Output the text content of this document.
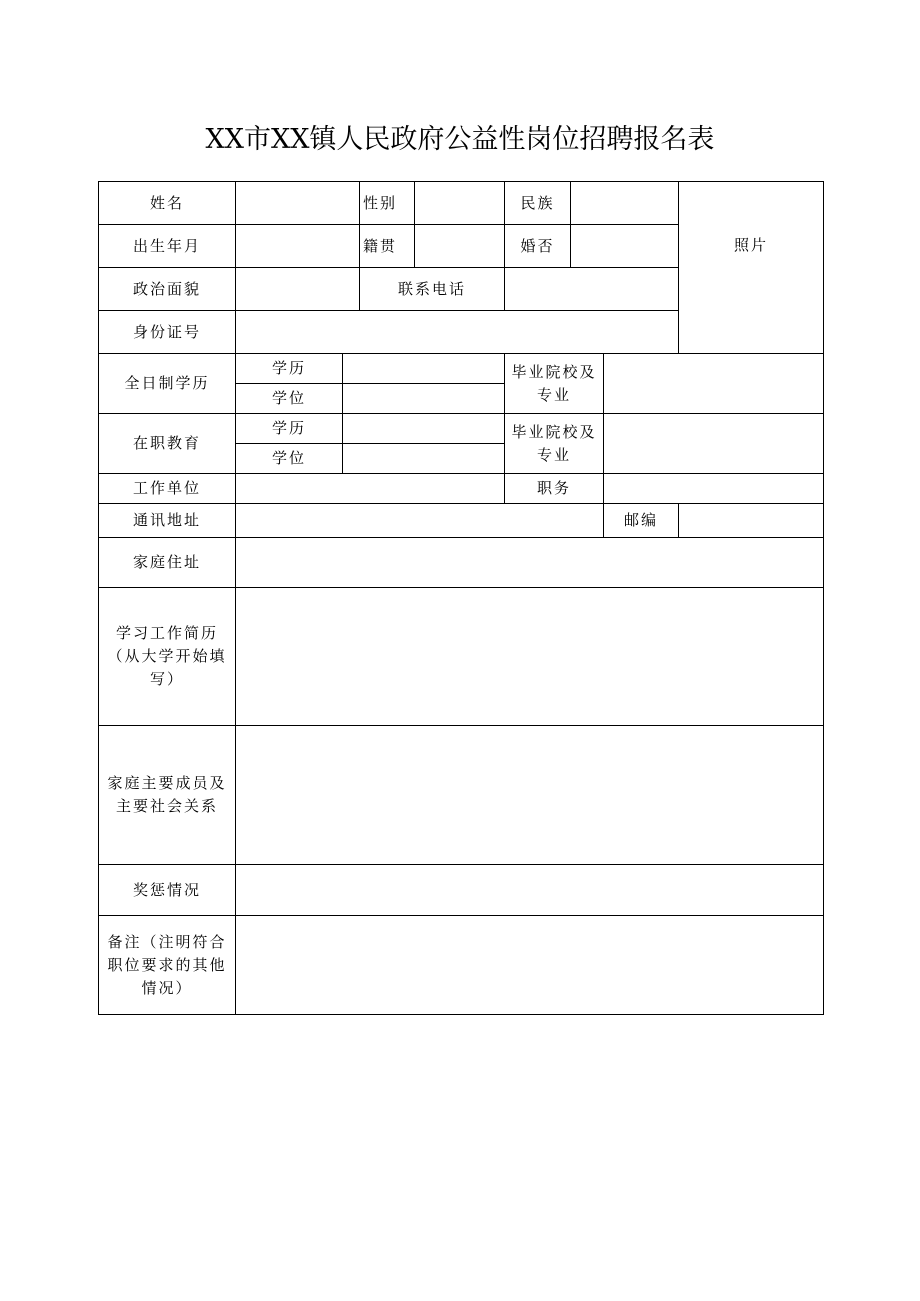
XX市XX镇人民政府公益性岗位招聘报名表
姓名			性别		民族			照片
出生年月			籍贯		婚否			
政治面貌			联系电话					
身份证号								
全日制学历	学历				毕业院校及专业			
	学位							
在职教育	学历				毕业院校及专业			
	学位							
工作单位					职务			
通讯地址							邮编	
家庭住址								
学习工作简历（从大学开始填写）								
家庭主要成员及主要社会关系								
奖惩情况								
备注（注明符合职位要求的其他情况）								
